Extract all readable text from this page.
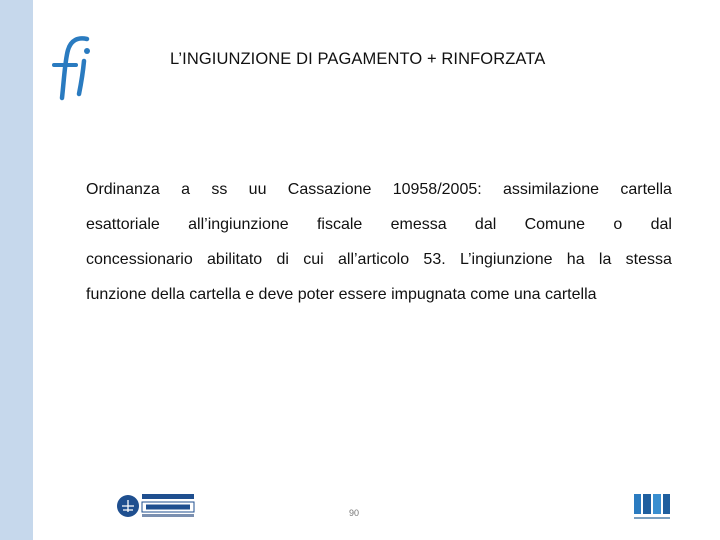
L’INGIUNZIONE DI PAGAMENTO + RINFORZATA
Ordinanza a ss uu Cassazione 10958/2005: assimilazione cartella
esattoriale all’ingiunzione fiscale emessa dal Comune o dal
concessionario abilitato di cui all’articolo 53. L’ingiunzione ha la stessa
funzione della cartella e deve poter essere impugnata come una cartella
90
